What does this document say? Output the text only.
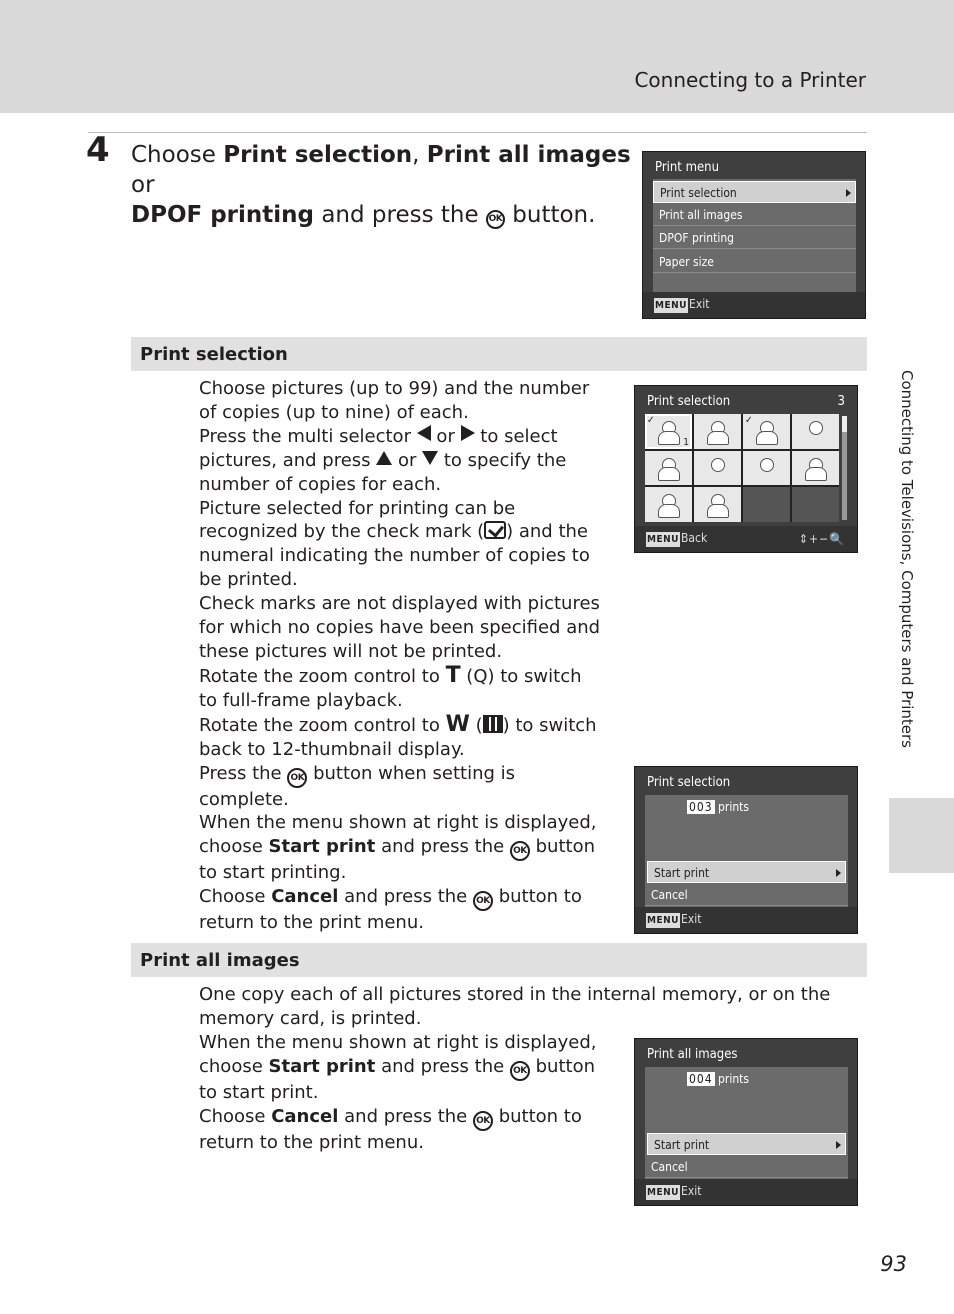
Connecting to a Printer
4 Choose Print selection, Print all images or
DPOF printing and press the OK button.
Print menu
Print selection
Print all images
DPOF printing
Paper size
MENU Exit
Print selection

Choose pictures (up to 99) and the number of copies (up to nine) of each.

Press the multi selector  or  to select pictures, and press  or  to specify the number of copies for each.

Picture selected for printing can be recognized by the check mark ( ) and the numeral indicating the number of copies to be printed.

Check marks are not displayed with pictures for which no copies have been specified and these pictures will not be printed.

Rotate the zoom control to T (Q) to switch to full-frame playback.

Rotate the zoom control to W ( ) to switch back to 12-thumbnail display.

Press the OK button when setting is complete.

When the menu shown at right is displayed, choose Start print and press the OK button to start printing.

Choose Cancel and press the OK button to return to the print menu.

Print selection	3
✓
1
✓
MENU Back	⇕+−🔍
Print selection
003 prints
Start print
Cancel
MENU Exit
Print all images

One copy each of all pictures stored in the internal memory, or on the memory card, is printed.

When the menu shown at right is displayed, choose Start print and press the OK button to start print.

Choose Cancel and press the OK button to return to the print menu.

Print all images
004 prints
Start print
Cancel
MENU Exit
Connecting to Televisions, Computers and Printers
93
